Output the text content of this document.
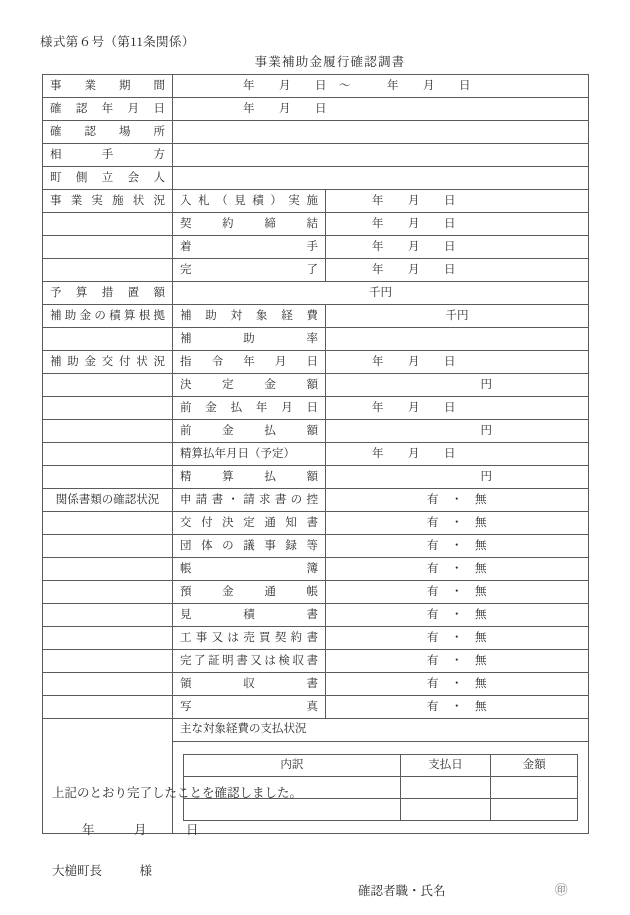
様式第６号（第11条関係）
事業補助金履行確認調書
事業期間	年　　月　　日　～　　　年　　月　　日
確認年月日	年　　月　　日
確認場所	
相手方	
町側立会人	
事業実施状況	入札（見積）実施	年　　月　　日
	契約締結	年　　月　　日
	着手	年　　月　　日
	完了	年　　月　　日
予算措置額	千円
補助金の積算根拠	補助対象経費	千円
	補助率	
補助金交付状況	指令年月日	年　　月　　日
	決定金額	円
	前金払年月日	年　　月　　日
	前金払額	円
	精算払年月日（予定）	年　　月　　日
	精算払額	円
関係書類の確認状況	申請書・請求書の控	有　・　無
	交付決定通知書	有　・　無
	団体の議事録等	有　・　無
	帳簿	有　・　無
	預金通帳	有　・　無
	見積書	有　・　無
	工事又は売買契約書	有　・　無
	完了証明書又は検収書	有　・　無
	領収書	有　・　無
	写真	有　・　無

主な対象経費の支払状況
内訳	支払日	金額

上記のとおり完了したことを確認しました。
年　　　月　　　日
大槌町長　　　様
確認者職・氏名	㊞
